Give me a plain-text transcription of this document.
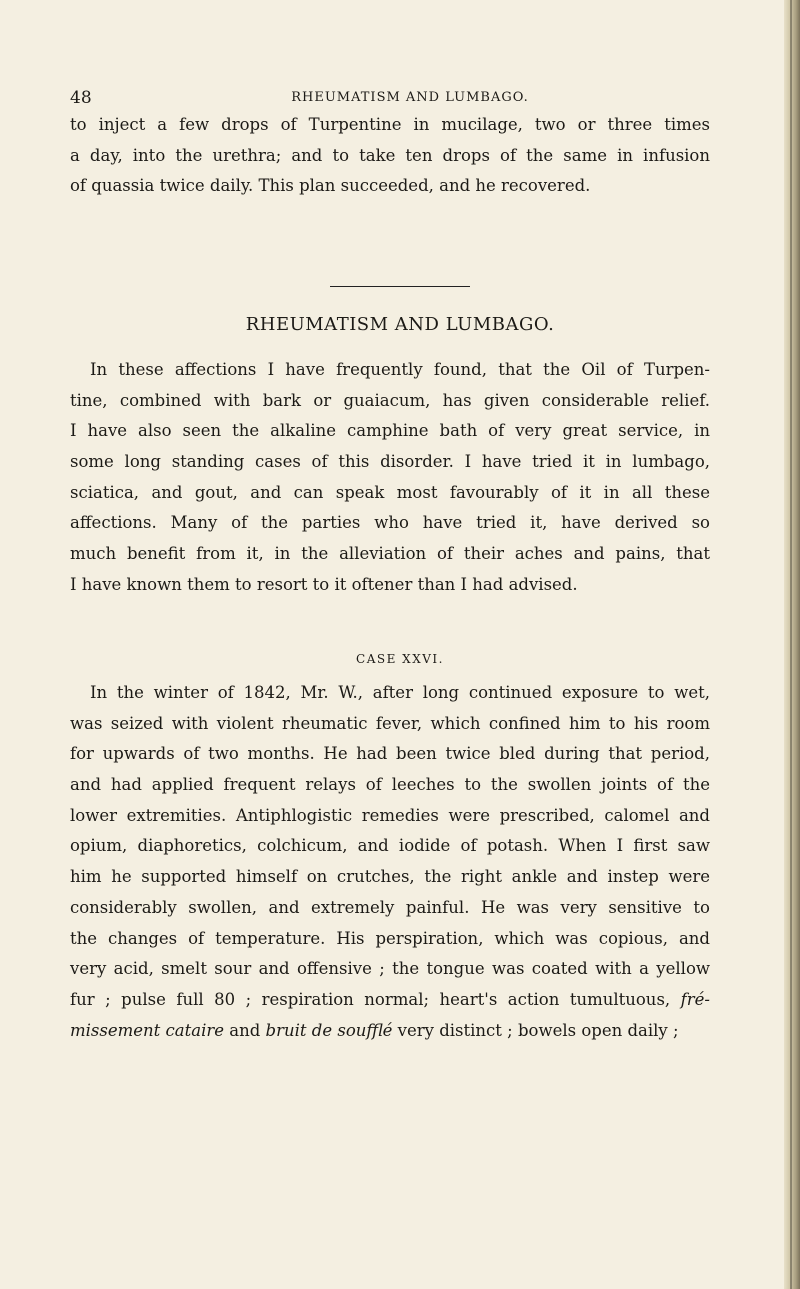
48	RHEUMATISM AND LUMBAGO.

to inject a few drops of Turpentine in mucilage, two or three times
a day, into the urethra; and to take ten drops of the same in infusion
of quassia twice daily. This plan succeeded, and he recovered.

RHEUMATISM AND LUMBAGO.

In these affections I have frequently found, that the Oil of Turpen-
tine, combined with bark or guaiacum, has given considerable relief.
I have also seen the alkaline camphine bath of very great service, in
some long standing cases of this disorder. I have tried it in lumbago,
sciatica, and gout, and can speak most favourably of it in all these
affections. Many of the parties who have tried it, have derived so
much benefit from it, in the alleviation of their aches and pains, that
I have known them to resort to it oftener than I had advised.

CASE XXVI.

In the winter of 1842, Mr. W., after long continued exposure to wet,
was seized with violent rheumatic fever, which confined him to his room
for upwards of two months. He had been twice bled during that period,
and had applied frequent relays of leeches to the swollen joints of the
lower extremities. Antiphlogistic remedies were prescribed, calomel and
opium, diaphoretics, colchicum, and iodide of potash. When I first saw
him he supported himself on crutches, the right ankle and instep were
considerably swollen, and extremely painful. He was very sensitive to
the changes of temperature. His perspiration, which was copious, and
very acid, smelt sour and offensive ; the tongue was coated with a yellow
fur ; pulse full 80 ; respiration normal; heart's action tumultuous, fré-
missement cataire and bruit de soufflé very distinct ; bowels open daily ;
